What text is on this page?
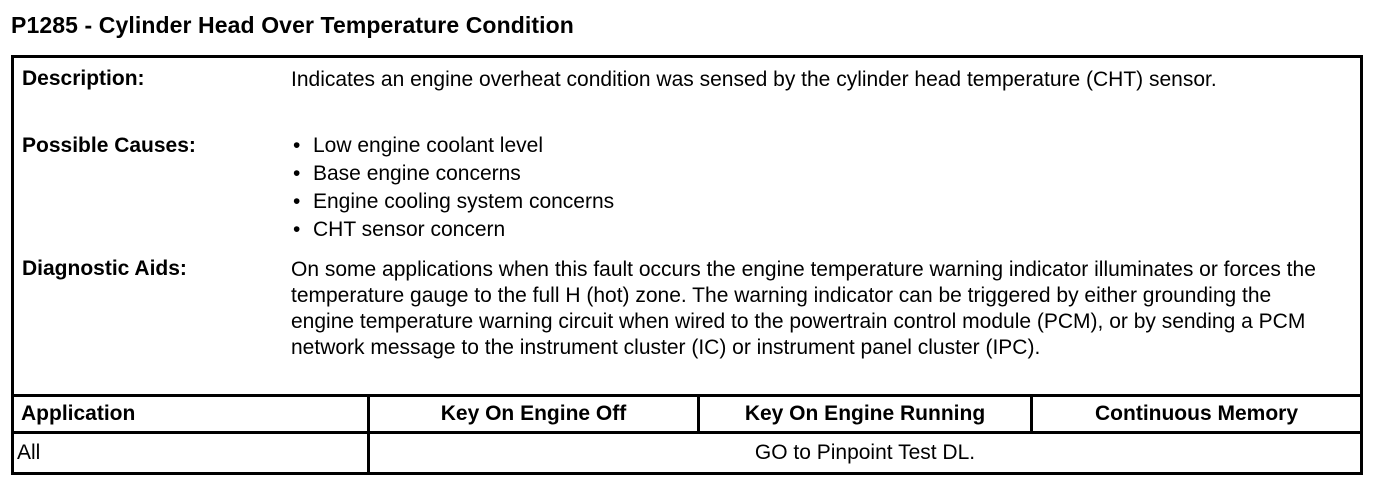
P1285 - Cylinder Head Over Temperature Condition
Description:	Indicates an engine overheat condition was sensed by the cylinder head temperature (CHT) sensor.
Possible Causes:
•	Low engine coolant level
• Base engine concerns
• Engine cooling system concerns
• CHT sensor concern
Diagnostic Aids:	On some applications when this fault occurs the engine temperature warning indicator illuminates or forces the temperature gauge to the full H (hot) zone. The warning indicator can be triggered by either grounding the engine temperature warning circuit when wired to the powertrain control module (PCM), or by sending a PCM network message to the instrument cluster (IC) or instrument panel cluster (IPC).
Application	Key On Engine Off	Key On Engine Running	Continuous Memory
All	GO to Pinpoint Test DL.
